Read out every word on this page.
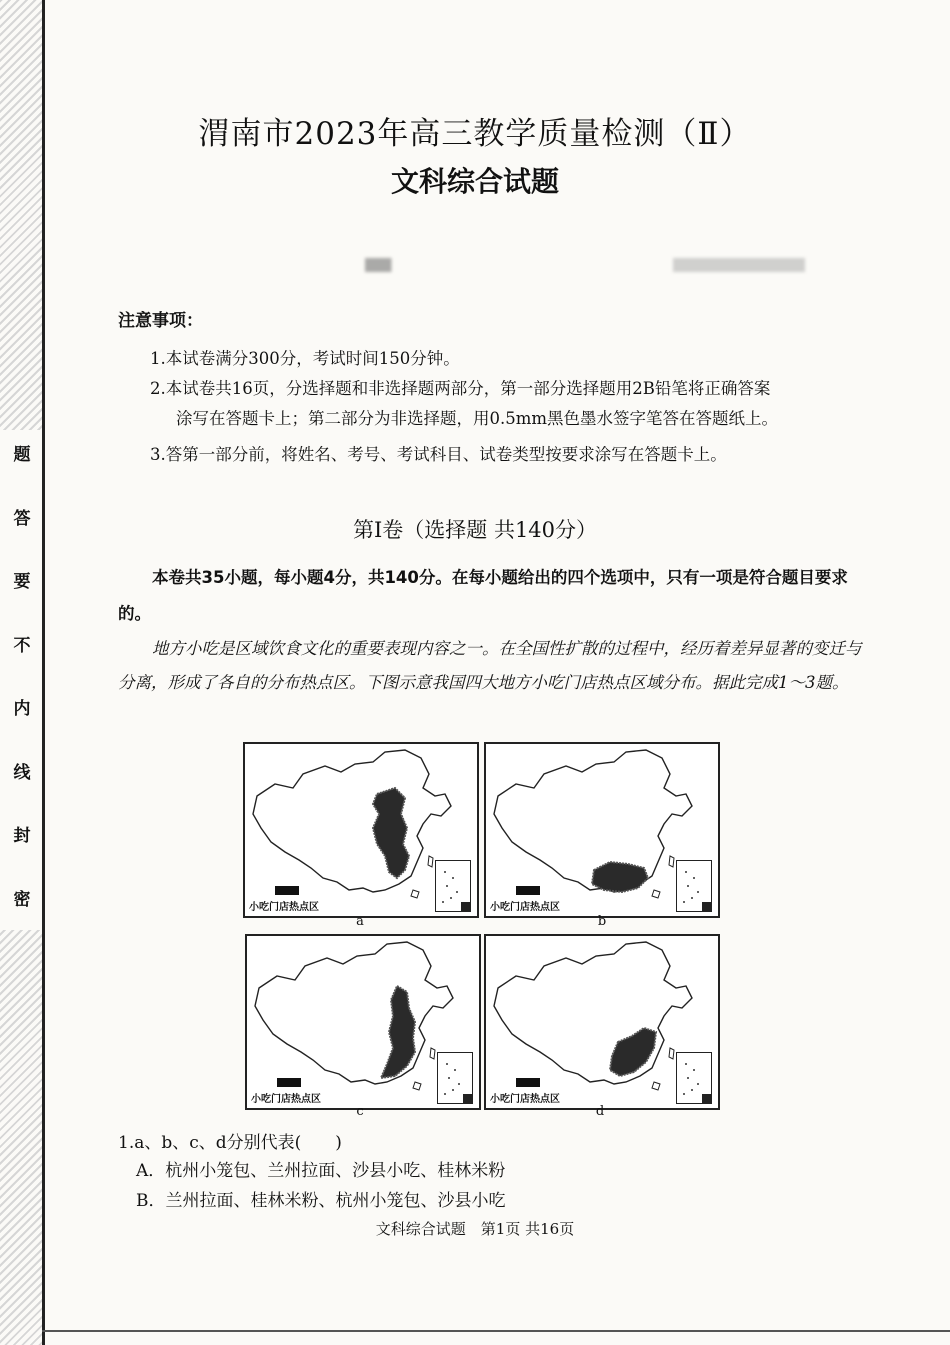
题
答
要
不
内
线
封
密
渭南市2023年高三教学质量检测（Ⅱ）
文科综合试题
注意事项：
1.本试卷满分300分，考试时间150分钟。
2.本试卷共16页，分选择题和非选择题两部分，第一部分选择题用2B铅笔将正确答案
涂写在答题卡上；第二部分为非选择题，用0.5mm黑色墨水签字笔答在答题纸上。
3.答第一部分前，将姓名、考号、考试科目、试卷类型按要求涂写在答题卡上。
第Ⅰ卷（选择题 共140分）
本卷共35小题，每小题4分，共140分。在每小题给出的四个选项中，只有一项是符合题目要求的。
地方小吃是区域饮食文化的重要表现内容之一。在全国性扩散的过程中，经历着差异显著的变迁与分离，形成了各自的分布热点区。下图示意我国四大地方小吃门店热点区域分布。据此完成1～3题。
小吃门店热点区
a
小吃门店热点区
b
小吃门店热点区
c
小吃门店热点区
d
1.a、b、c、d分别代表(　　)
A．杭州小笼包、兰州拉面、沙县小吃、桂林米粉
B．兰州拉面、桂林米粉、杭州小笼包、沙县小吃
文科综合试题　第1页 共16页
